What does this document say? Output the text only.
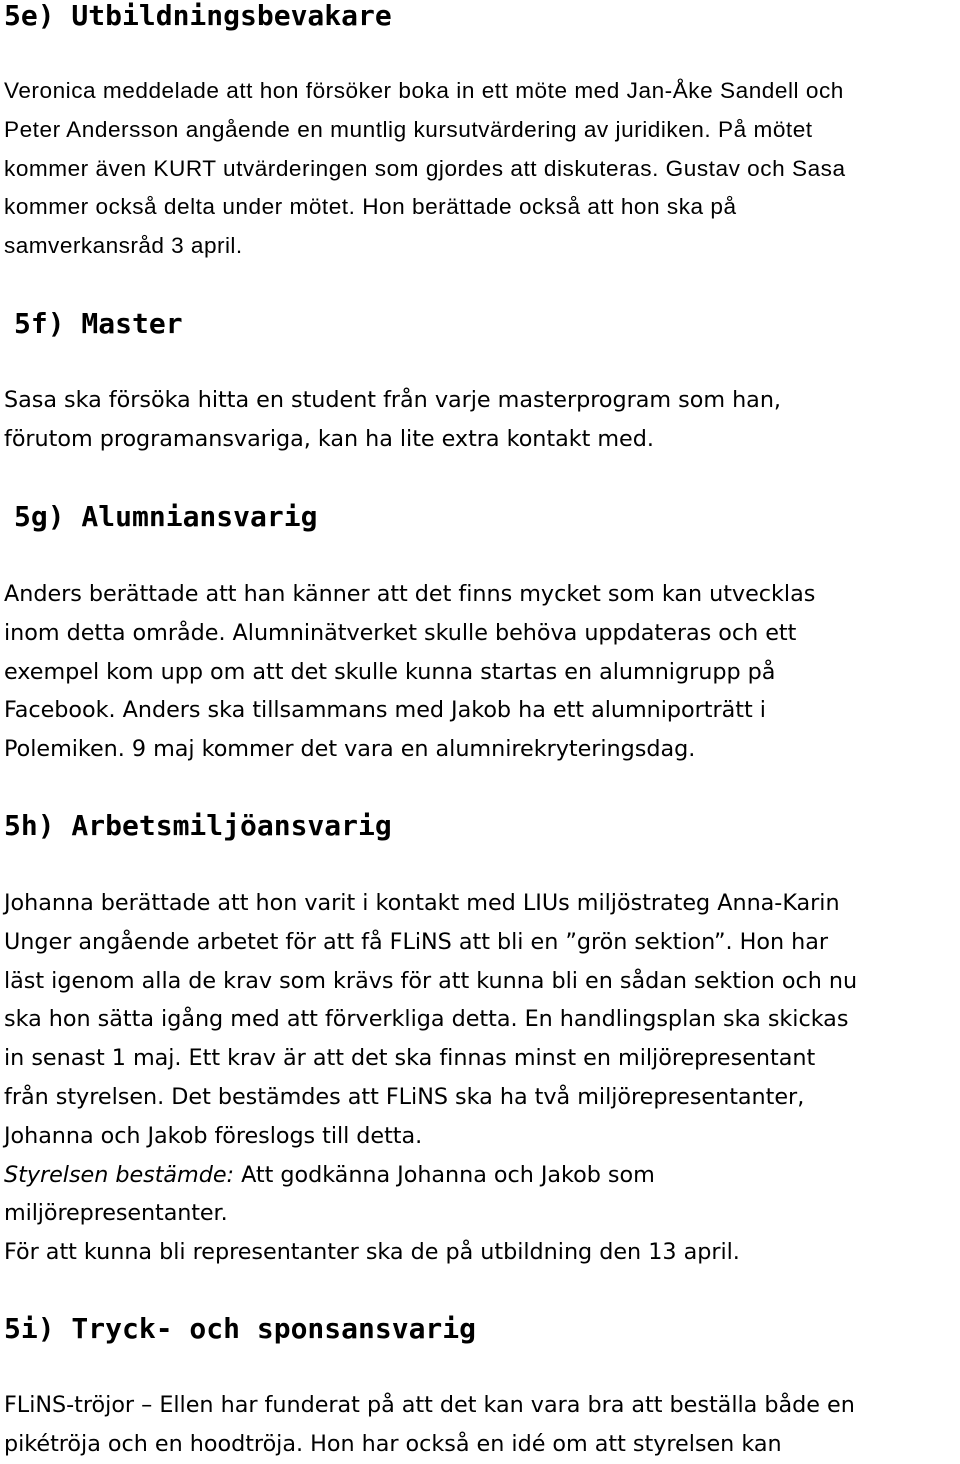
5e) Utbildningsbevakare
Veronica meddelade att hon försöker boka in ett möte med Jan-Åke Sandell och
Peter Andersson angående en muntlig kursutvärdering av juridiken. På mötet
kommer även KURT utvärderingen som gjordes att diskuteras. Gustav och Sasa
kommer också delta under mötet. Hon berättade också att hon ska på
samverkansråd 3 april.
5f) Master
Sasa ska försöka hitta en student från varje masterprogram som han,
förutom programansvariga, kan ha lite extra kontakt med.
5g) Alumniansvarig
Anders berättade att han känner att det finns mycket som kan utvecklas
inom detta område. Alumninätverket skulle behöva uppdateras och ett
exempel kom upp om att det skulle kunna startas en alumnigrupp på
Facebook. Anders ska tillsammans med Jakob ha ett alumniporträtt i
Polemiken. 9 maj kommer det vara en alumnirekryteringsdag.
5h) Arbetsmiljöansvarig
Johanna berättade att hon varit i kontakt med LIUs miljöstrateg Anna-Karin
Unger angående arbetet för att få FLiNS att bli en ”grön sektion”. Hon har
läst igenom alla de krav som krävs för att kunna bli en sådan sektion och nu
ska hon sätta igång med att förverkliga detta. En handlingsplan ska skickas
in senast 1 maj. Ett krav är att det ska finnas minst en miljörepresentant
från styrelsen. Det bestämdes att FLiNS ska ha två miljörepresentanter,
Johanna och Jakob föreslogs till detta.
Styrelsen bestämde: Att godkänna Johanna och Jakob som
miljörepresentanter.
För att kunna bli representanter ska de på utbildning den 13 april.
5i) Tryck- och sponsansvarig
FLiNS-tröjor – Ellen har funderat på att det kan vara bra att beställa både en
pikétröja och en hoodtröja. Hon har också en idé om att styrelsen kan
